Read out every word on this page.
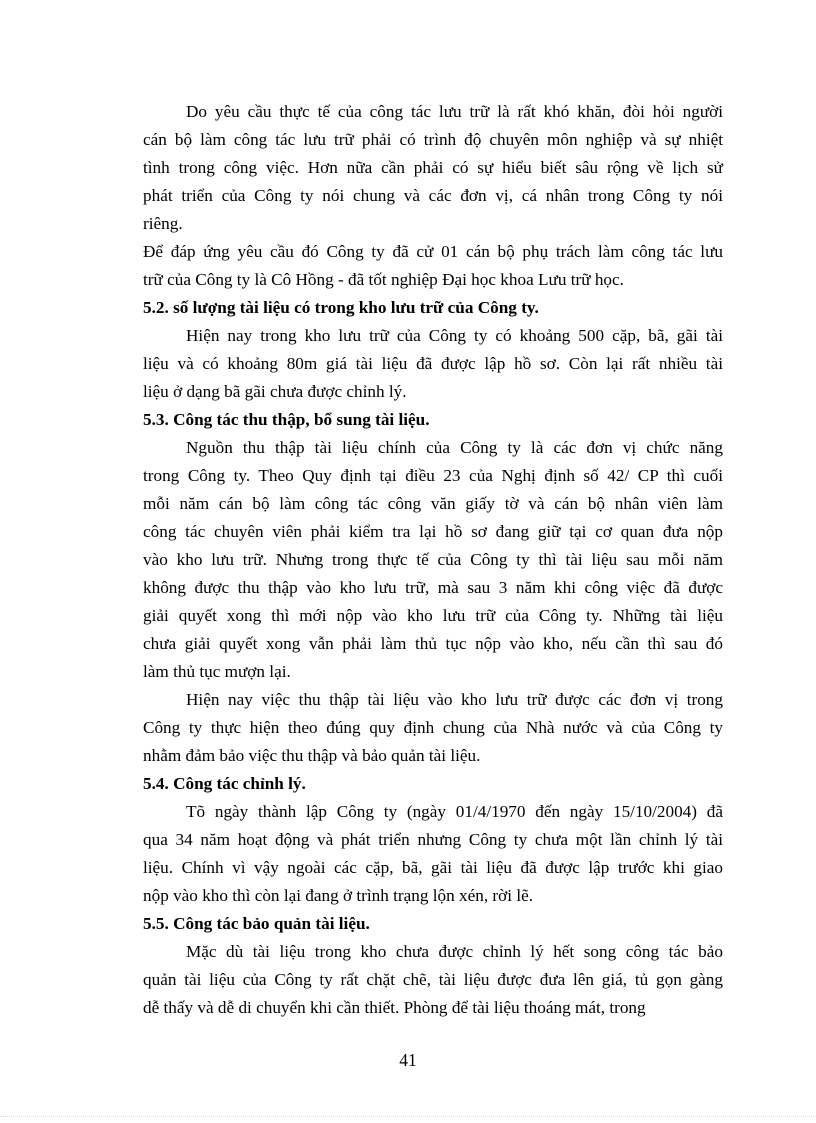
Do yêu cầu thực tế của công tác lưu trữ là rất khó khăn, đòi hỏi người
cán bộ làm công tác lưu trữ phải có trình độ chuyên môn nghiệp và sự nhiệt
tình trong công việc. Hơn nữa cần phải có sự hiểu biết sâu rộng về lịch sử
phát triển của Công ty nói chung và các đơn vị, cá nhân trong Công ty nói
riêng.
Để đáp ứng yêu cầu đó Công ty đã cử 01 cán bộ phụ trách làm công tác lưu
trữ của Công ty là Cô Hồng - đã tốt nghiệp Đại học khoa Lưu trữ học.
5.2. số lượng tài liệu có trong kho lưu trữ của Công ty.
Hiện nay trong kho lưu trữ của Công ty có khoảng 500 cặp, bã, gãi tài
liệu và có khoảng 80m giá tài liệu đã được lập hồ sơ. Còn lại rất nhiều tài
liệu ở dạng bã gãi chưa được chỉnh lý.
5.3. Công tác thu thập, bổ sung tài liệu.
Nguồn thu thập tài liệu chính của Công ty là các đơn vị chức năng
trong Công ty. Theo Quy định tại điều 23 của Nghị định số 42/ CP thì cuối
mỗi năm cán bộ làm công tác công văn giấy tờ và cán bộ nhân viên làm
công tác chuyên viên phải kiểm tra lại hồ sơ đang giữ tại cơ quan đưa nộp
vào kho lưu trữ. Nhưng trong thực tế của Công ty thì tài liệu sau mỗi năm
không được thu thập vào kho lưu trữ, mà sau 3 năm khi công việc đã được
giải quyết xong thì mới nộp vào kho lưu trữ của Công ty. Những tài liệu
chưa giải quyết xong vẫn phải làm thủ tục nộp vào kho, nếu cần thì sau đó
làm thủ tục mượn lại.
Hiện nay việc thu thập tài liệu vào kho lưu trữ được các đơn vị trong
Công ty thực hiện theo đúng quy định chung của Nhà nước và của Công ty
nhằm đảm bảo việc thu thập và bảo quản tài liệu.
5.4. Công tác chỉnh lý.
Tõ ngày thành lập Công ty (ngày 01/4/1970 đến ngày 15/10/2004) đã
qua 34 năm hoạt động và phát triển nhưng Công ty chưa một lần chỉnh lý tài
liệu. Chính vì vậy ngoài các cặp, bã, gãi tài liệu đã được lập trước khi giao
nộp vào kho thì còn lại đang ở trình trạng lộn xén, rời lẽ.
5.5. Công tác bảo quản tài liệu.
Mặc dù tài liệu trong kho chưa được chỉnh lý hết song công tác bảo
quản tài liệu của Công ty rất chặt chẽ, tài liệu được đưa lên giá, tủ gọn gàng
dễ thấy và dễ di chuyển khi cần thiết. Phòng để tài liệu thoáng mát, trong
41
